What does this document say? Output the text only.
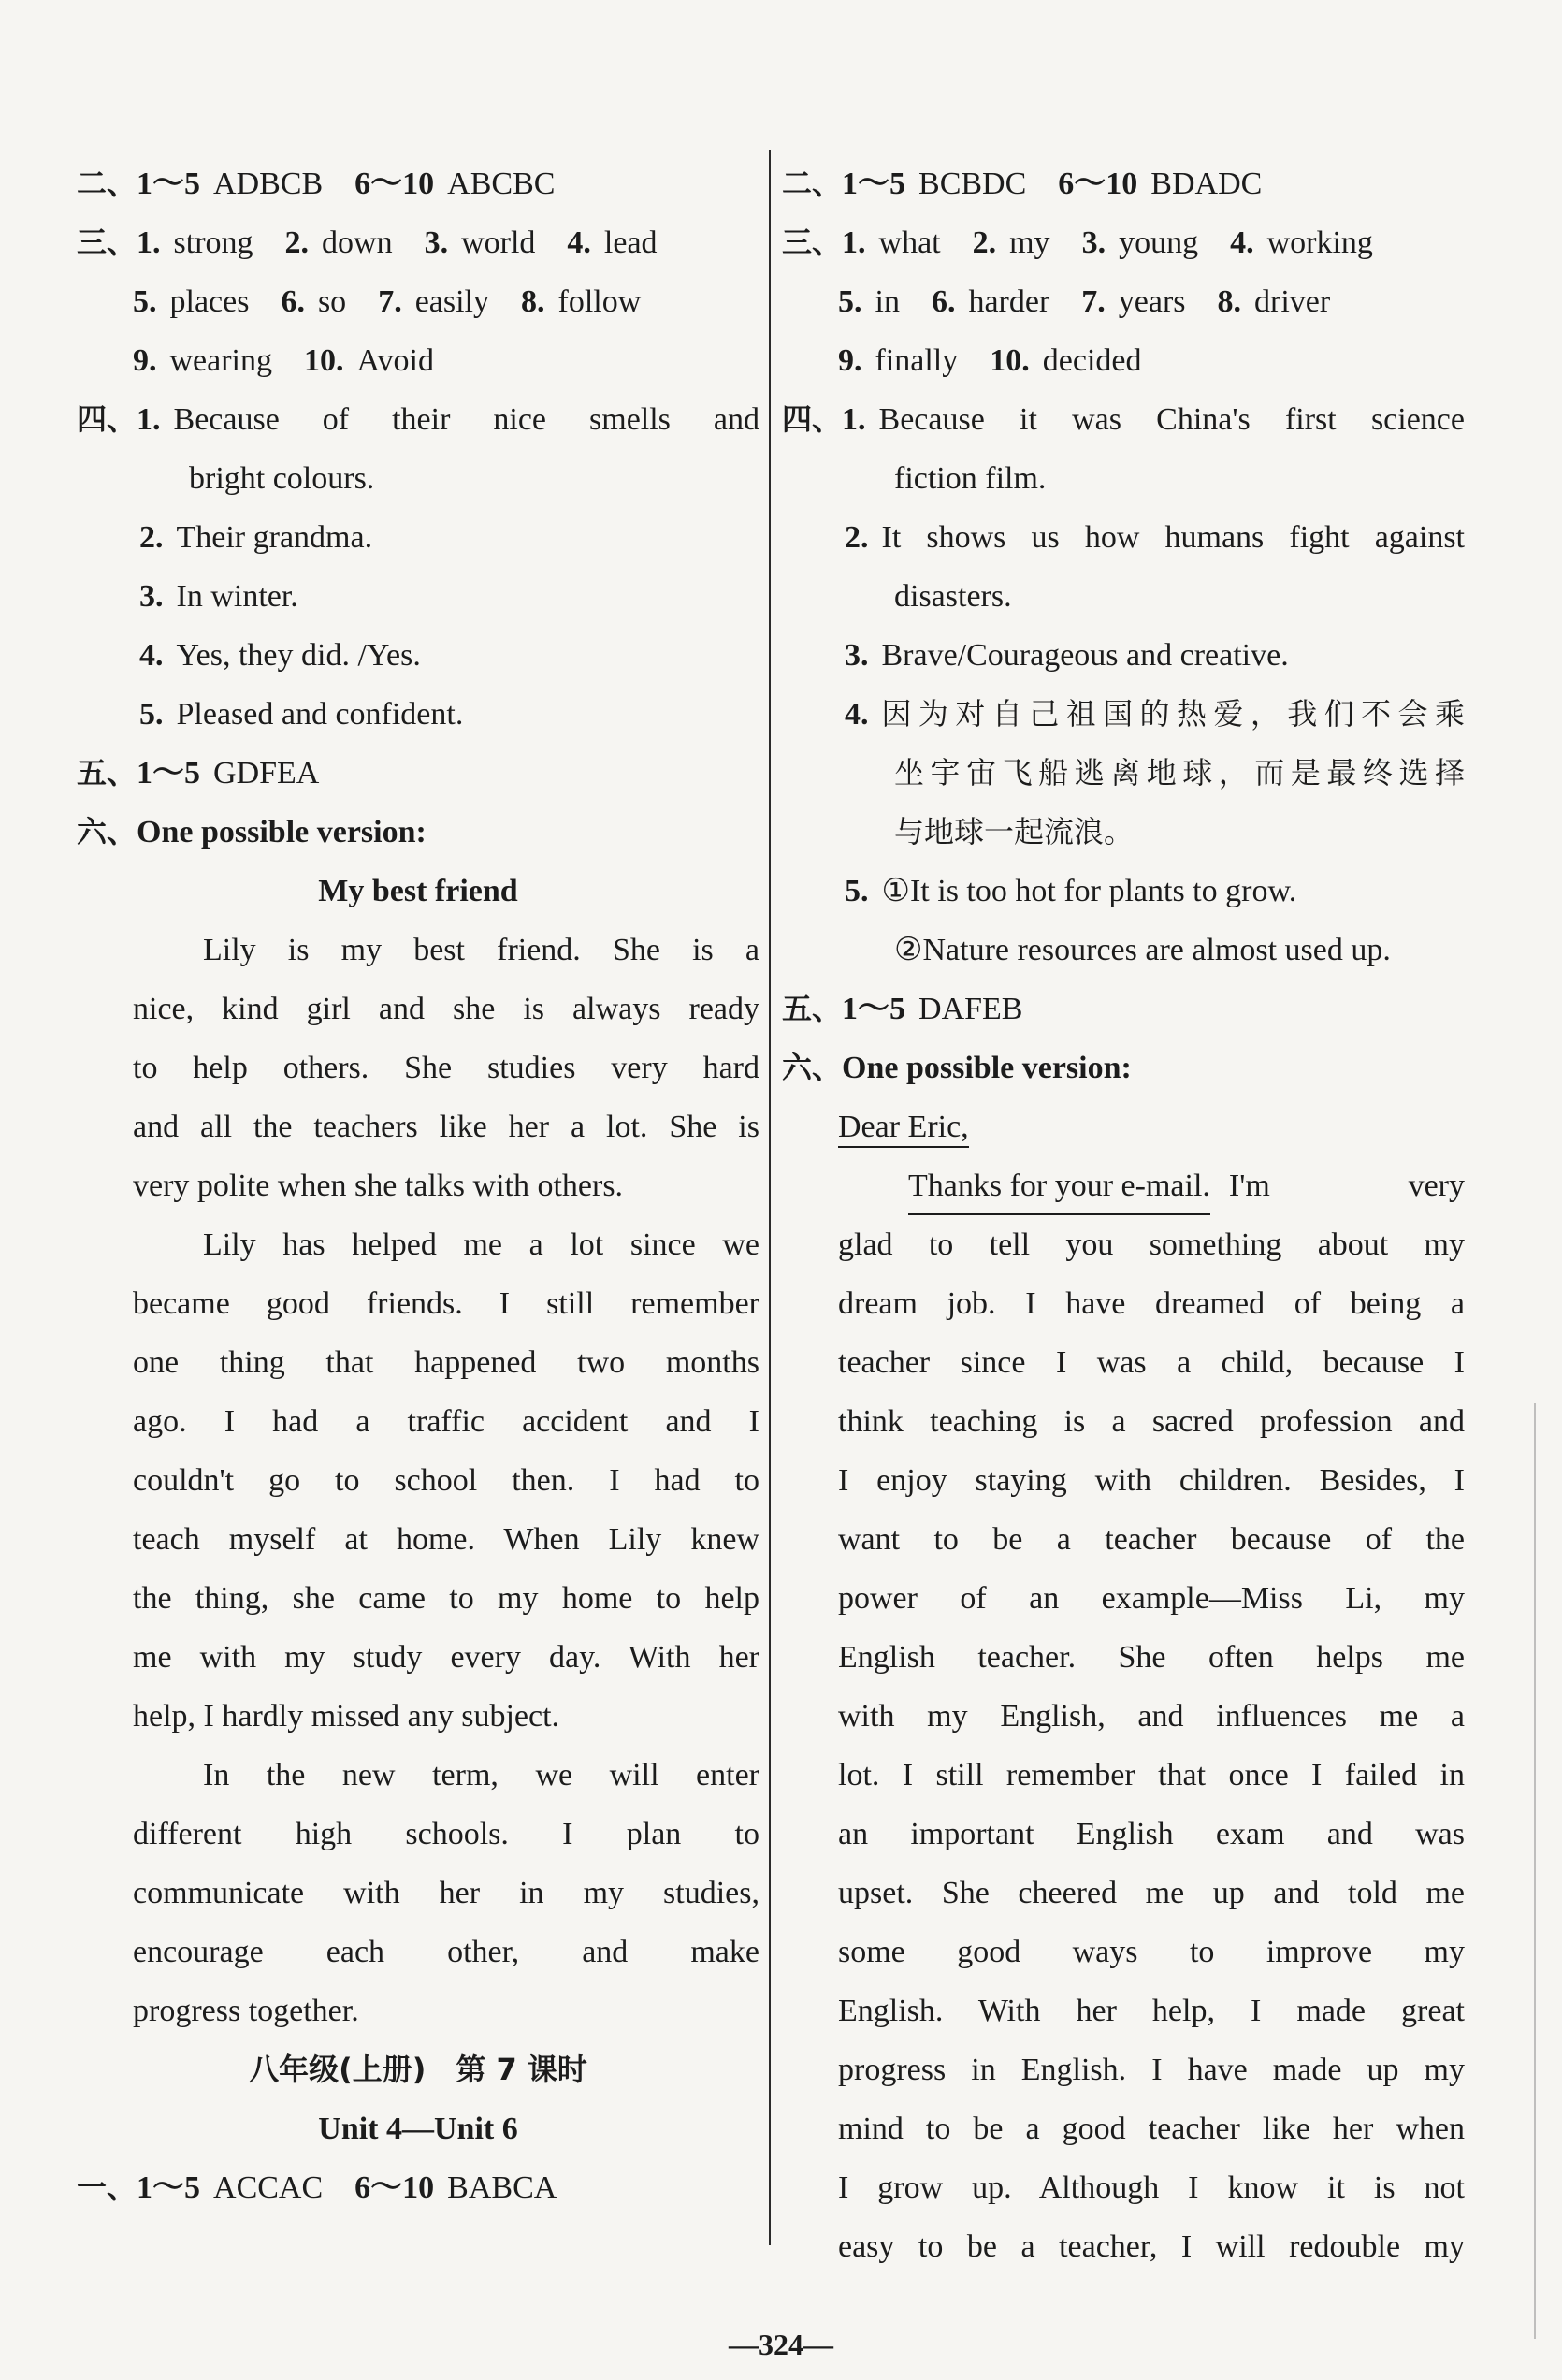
二、1～5 ADBCB 6～10 ABCBC
三、1. strong 2. down 3. world 4. lead
5. places 6. so 7. easily 8. follow
9. wearing 10. Avoid
四、 1. Because of their nice smells and
bright colours.
2. Their grandma.
3. In winter.
4. Yes, they did. /Yes.
5. Pleased and confident.
五、1～5 GDFEA
六、One possible version:
My best friend
Lily is my best friend. She is a
nice, kind girl and she is always ready
to help others. She studies very hard
and all the teachers like her a lot. She is
very polite when she talks with others.
Lily has helped me a lot since we
became good friends. I still remember
one thing that happened two months
ago. I had a traffic accident and I
couldn't go to school then. I had to
teach myself at home. When Lily knew
the thing, she came to my home to help
me with my study every day. With her
help, I hardly missed any subject.
In the new term, we will enter
different high schools. I plan to
communicate with her in my studies,
encourage each other, and make
progress together.
八年级(上册)　第 7 课时
Unit 4—Unit 6
一、1～5 ACCAC 6～10 BABCA
二、1～5 BCBDC 6～10 BDADC
三、1. what 2. my 3. young 4. working
5. in 6. harder 7. years 8. driver
9. finally 10. decided
四、 1. Because it was China's first science
fiction film.
2. It shows us how humans fight against
disasters.
3. Brave/Courageous and creative.
4. 因为对自己祖国的热爱，我们不会乘
坐宇宙飞船逃离地球，而是最终选择
与地球一起流浪。
5. ①It is too hot for plants to grow.
②Nature resources are almost used up.
五、1～5 DAFEB
六、One possible version:
Dear Eric,
Thanks for your e-mail. I'm very
glad to tell you something about my
dream job. I have dreamed of being a
teacher since I was a child, because I
think teaching is a sacred profession and
I enjoy staying with children. Besides, I
want to be a teacher because of the
power of an example—Miss Li, my
English teacher. She often helps me
with my English, and influences me a
lot. I still remember that once I failed in
an important English exam and was
upset. She cheered me up and told me
some good ways to improve my
English. With her help, I made great
progress in English. I have made up my
mind to be a good teacher like her when
I grow up. Although I know it is not
easy to be a teacher, I will redouble my
—324—
